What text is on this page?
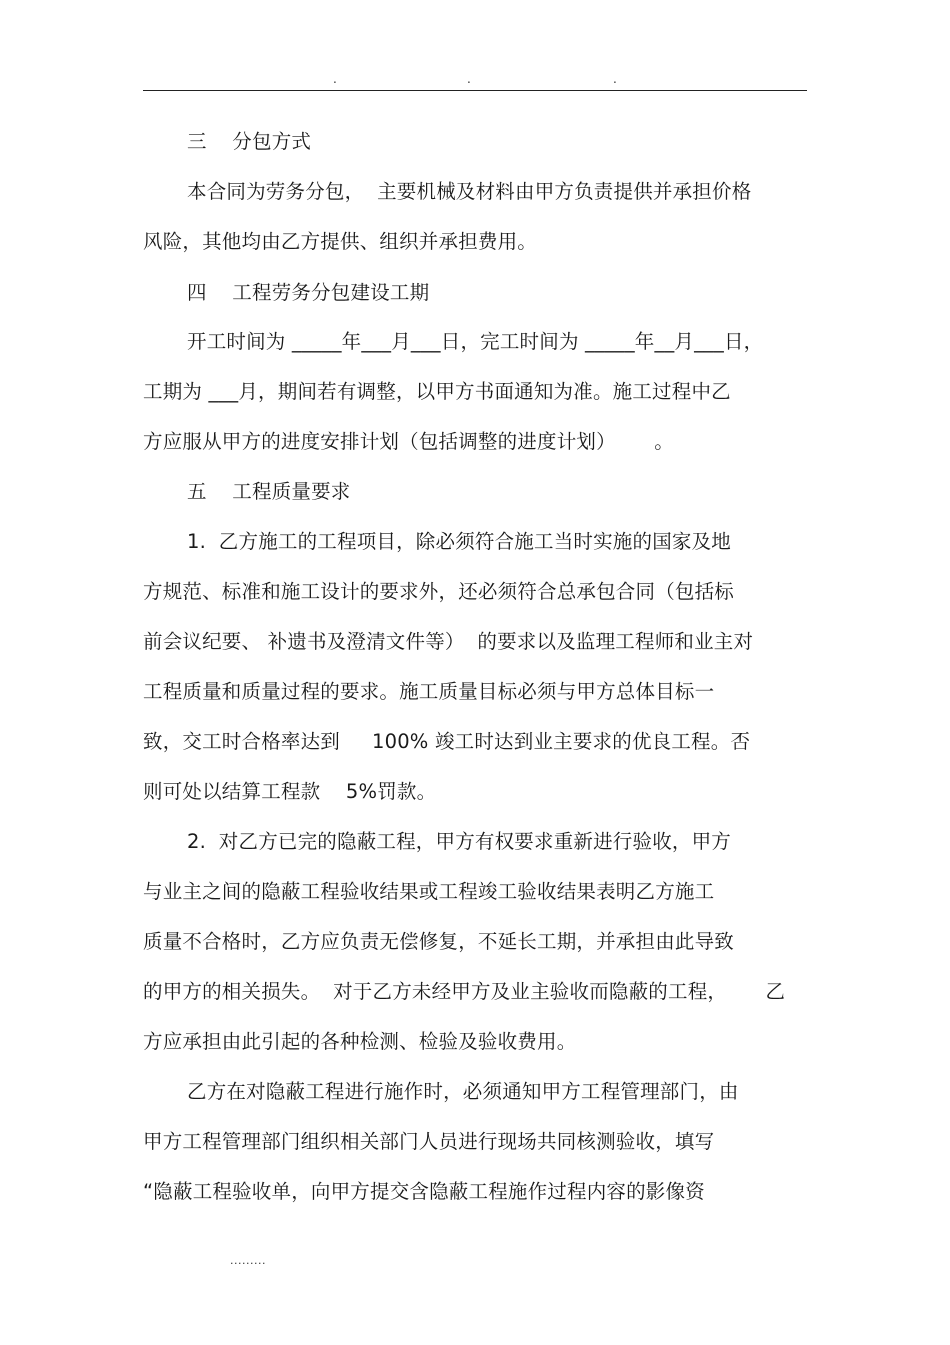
.	.	.
三    分包方式
本合同为劳务分包，  主要机械及材料由甲方负责提供并承担价格
风险，其他均由乙方提供、组织并承担费用。
四    工程劳务分包建设工期
开工时间为 _____年___月___日，完工时间为 _____年__月___日，
工期为 ___月，期间若有调整，以甲方书面通知为准。施工过程中乙
方应服从甲方的进度安排计划（包括调整的进度计划）      。
五    工程质量要求
1.  乙方施工的工程项目，除必须符合施工当时实施的国家及地
方规范、标准和施工设计的要求外，还必须符合总承包合同（包括标
前会议纪要、 补遗书及澄清文件等）  的要求以及监理工程师和业主对
工程质量和质量过程的要求。施工质量目标必须与甲方总体目标一
致，交工时合格率达到     100% 竣工时达到业主要求的优良工程。否
则可处以结算工程款    5%罚款。
2.  对乙方已完的隐蔽工程，甲方有权要求重新进行验收，甲方
与业主之间的隐蔽工程验收结果或工程竣工验收结果表明乙方施工
质量不合格时，乙方应负责无偿修复，不延长工期，并承担由此导致
的甲方的相关损失。  对于乙方未经甲方及业主验收而隐蔽的工程，      乙
方应承担由此引起的各种检测、检验及验收费用。
乙方在对隐蔽工程进行施作时，必须通知甲方工程管理部门，由
甲方工程管理部门组织相关部门人员进行现场共同核测验收，填写
“隐蔽工程验收单，向甲方提交含隐蔽工程施作过程内容的影像资
.........
